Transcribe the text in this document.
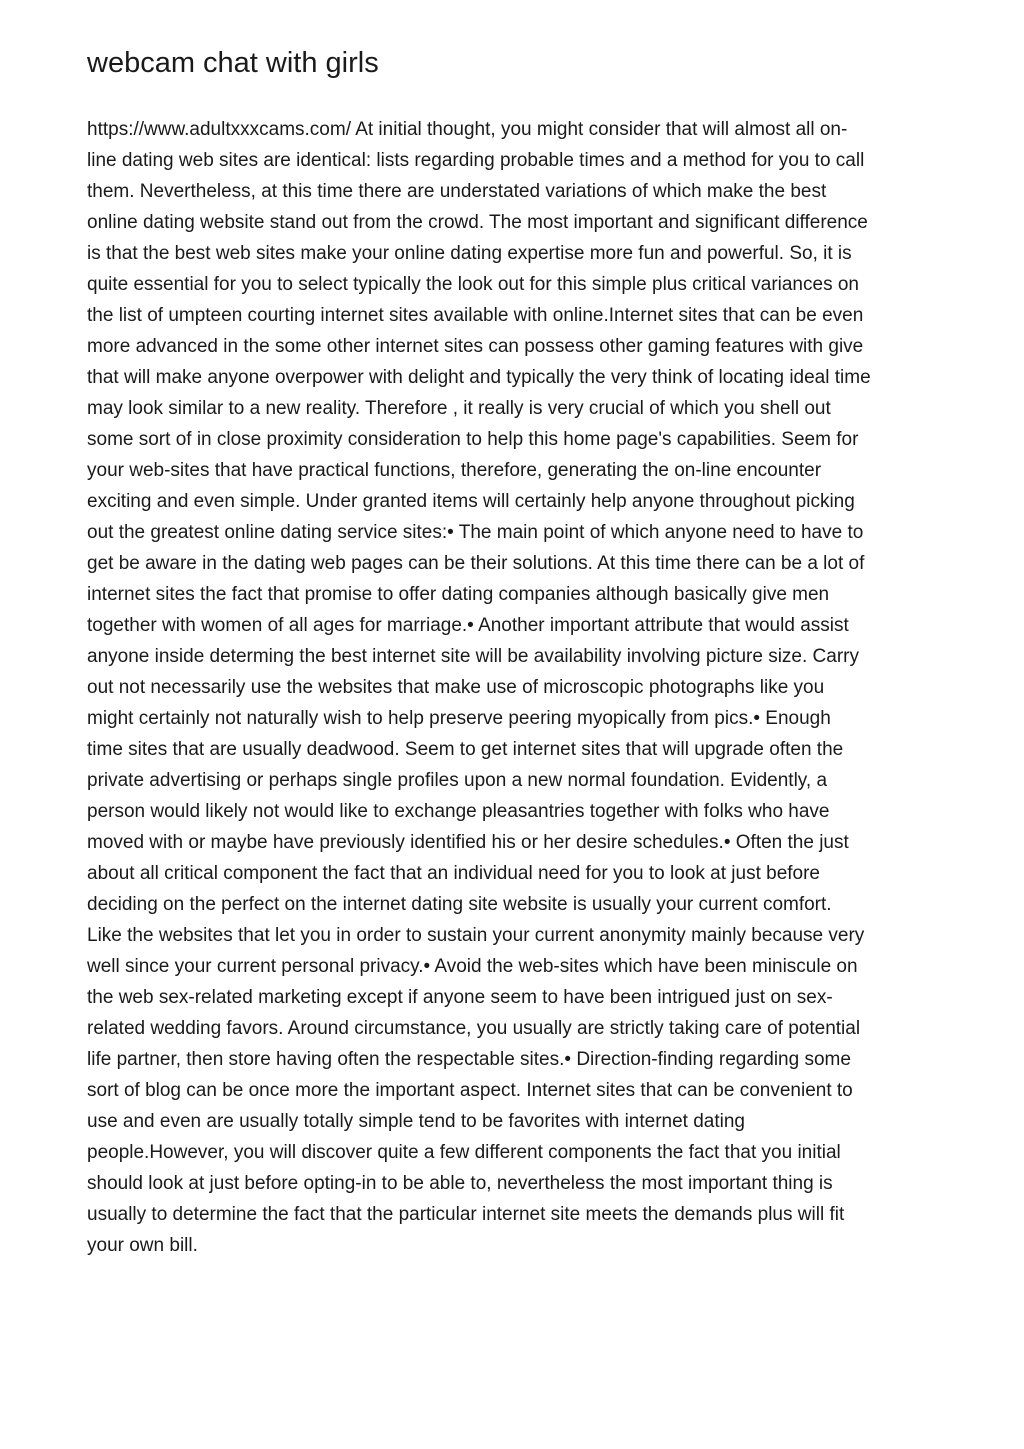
webcam chat with girls
https://www.adultxxxcams.com/ At initial thought, you might consider that will almost all on-
line dating web sites are identical: lists regarding probable times and a method for you to call
them. Nevertheless, at this time there are understated variations of which make the best
online dating website stand out from the crowd. The most important and significant difference
is that the best web sites make your online dating expertise more fun and powerful. So, it is
quite essential for you to select typically the look out for this simple plus critical variances on
the list of umpteen courting internet sites available with online.Internet sites that can be even
more advanced in the some other internet sites can possess other gaming features with give
that will make anyone overpower with delight and typically the very think of locating ideal time
may look similar to a new reality. Therefore , it really is very crucial of which you shell out
some sort of in close proximity consideration to help this home page's capabilities. Seem for
your web-sites that have practical functions, therefore, generating the on-line encounter
exciting and even simple. Under granted items will certainly help anyone throughout picking
out the greatest online dating service sites:• The main point of which anyone need to have to
get be aware in the dating web pages can be their solutions. At this time there can be a lot of
internet sites the fact that promise to offer dating companies although basically give men
together with women of all ages for marriage.• Another important attribute that would assist
anyone inside determing the best internet site will be availability involving picture size. Carry
out not necessarily use the websites that make use of microscopic photographs like you
might certainly not naturally wish to help preserve peering myopically from pics.• Enough
time sites that are usually deadwood. Seem to get internet sites that will upgrade often the
private advertising or perhaps single profiles upon a new normal foundation. Evidently, a
person would likely not would like to exchange pleasantries together with folks who have
moved with or maybe have previously identified his or her desire schedules.• Often the just
about all critical component the fact that an individual need for you to look at just before
deciding on the perfect on the internet dating site website is usually your current comfort.
Like the websites that let you in order to sustain your current anonymity mainly because very
well since your current personal privacy.• Avoid the web-sites which have been miniscule on
the web sex-related marketing except if anyone seem to have been intrigued just on sex-
related wedding favors. Around circumstance, you usually are strictly taking care of potential
life partner, then store having often the respectable sites.• Direction-finding regarding some
sort of blog can be once more the important aspect. Internet sites that can be convenient to
use and even are usually totally simple tend to be favorites with internet dating
people.However, you will discover quite a few different components the fact that you initial
should look at just before opting-in to be able to, nevertheless the most important thing is
usually to determine the fact that the particular internet site meets the demands plus will fit
your own bill.
